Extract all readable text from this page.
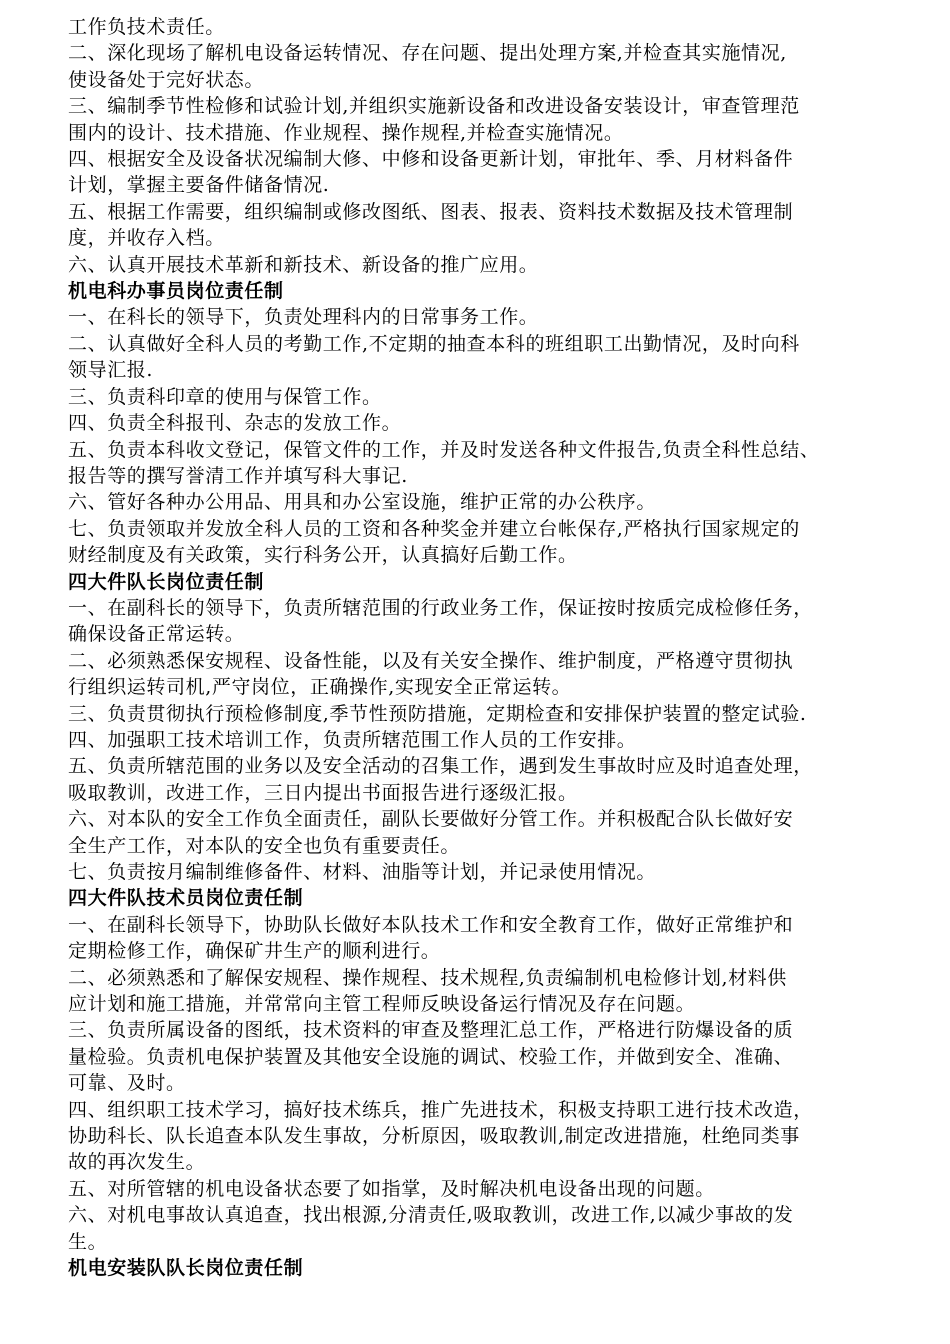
工作负技术责任。
二、深化现场了解机电设备运转情况、存在问题、提出处理方案,并检查其实施情况,
使设备处于完好状态。
三、编制季节性检修和试验计划,并组织实施新设备和改进设备安装设计，审查管理范
围内的设计、技术措施、作业规程、操作规程,并检查实施情况。
四、根据安全及设备状况编制大修、中修和设备更新计划，审批年、季、月材料备件
计划，掌握主要备件储备情况.
五、根据工作需要，组织编制或修改图纸、图表、报表、资料技术数据及技术管理制
度，并收存入档。
六、认真开展技术革新和新技术、新设备的推广应用。
机电科办事员岗位责任制
一、在科长的领导下，负责处理科内的日常事务工作。
二、认真做好全科人员的考勤工作,不定期的抽查本科的班组职工出勤情况，及时向科
领导汇报.
三、负责科印章的使用与保管工作。
四、负责全科报刊、杂志的发放工作。
五、负责本科收文登记，保管文件的工作，并及时发送各种文件报告,负责全科性总结、
报告等的撰写誉清工作并填写科大事记.
六、管好各种办公用品、用具和办公室设施，维护正常的办公秩序。
七、负责领取并发放全科人员的工资和各种奖金并建立台帐保存,严格执行国家规定的
财经制度及有关政策，实行科务公开，认真搞好后勤工作。
四大件队长岗位责任制
一、在副科长的领导下，负责所辖范围的行政业务工作，保证按时按质完成检修任务，
确保设备正常运转。
二、必须熟悉保安规程、设备性能，以及有关安全操作、维护制度，严格遵守贯彻执
行组织运转司机,严守岗位，正确操作,实现安全正常运转。
三、负责贯彻执行预检修制度,季节性预防措施，定期检查和安排保护装置的整定试验.
四、加强职工技术培训工作，负责所辖范围工作人员的工作安排。
五、负责所辖范围的业务以及安全活动的召集工作，遇到发生事故时应及时追查处理，
吸取教训，改进工作，三日内提出书面报告进行逐级汇报。
六、对本队的安全工作负全面责任，副队长要做好分管工作。并积极配合队长做好安
全生产工作，对本队的安全也负有重要责任。
七、负责按月编制维修备件、材料、油脂等计划，并记录使用情况。
四大件队技术员岗位责任制
一、在副科长领导下，协助队长做好本队技术工作和安全教育工作，做好正常维护和
定期检修工作，确保矿井生产的顺利进行。
二、必须熟悉和了解保安规程、操作规程、技术规程,负责编制机电检修计划,材料供
应计划和施工措施，并常常向主管工程师反映设备运行情况及存在问题。
三、负责所属设备的图纸，技术资料的审查及整理汇总工作，严格进行防爆设备的质
量检验。负责机电保护装置及其他安全设施的调试、校验工作，并做到安全、准确、
可靠、及时。
四、组织职工技术学习，搞好技术练兵，推广先进技术，积极支持职工进行技术改造，
协助科长、队长追查本队发生事故，分析原因，吸取教训,制定改进措施，杜绝同类事
故的再次发生。
五、对所管辖的机电设备状态要了如指掌，及时解决机电设备出现的问题。
六、对机电事故认真追查，找出根源,分清责任,吸取教训，改进工作,以减少事故的发
生。
机电安装队队长岗位责任制
